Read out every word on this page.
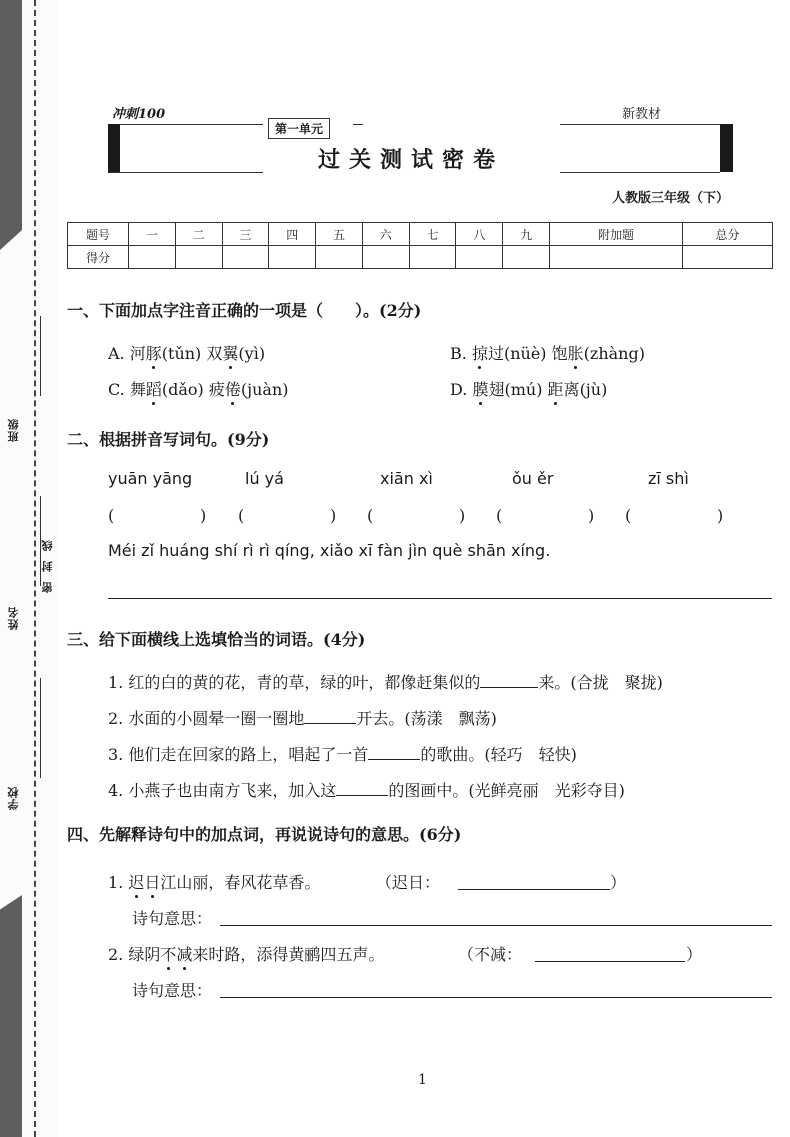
班级
姓名
密封线
学校
冲刺100	新教材
第一单元
过关测试密卷
人教版三年级（下）
题号	一	二	三	四	五	六	七	八	九	附加题	总分
得分											
一、下面加点字注音正确的一项是（　　）。(2分)
A. 河豚(tǔn) 双翼(yì)	B. 掠过(nüè) 饱胀(zhàng)
C. 舞蹈(dǎo) 疲倦(juàn)	D. 膜翅(mú) 距离(jù)
二、根据拼音写词句。(9分)
yuān yāng	lú yá	xiān xì	ǒu ěr	zī shì
(	) (	) (	) (	) (	)
Méi zǐ huáng shí rì rì qíng, xiǎo xī fàn jìn què shān xíng.
三、给下面横线上选填恰当的词语。(4分)
1. 红的白的黄的花，青的草，绿的叶，都像赶集似的	来。(合拢　聚拢)
2. 水面的小圆晕一圈一圈地	开去。(荡漾　飘荡)
3. 他们走在回家的路上，唱起了一首	的歌曲。(轻巧　轻快)
4. 小燕子也由南方飞来，加入这	的图画中。(光鲜亮丽　光彩夺目)
四、先解释诗句中的加点词，再说说诗句的意思。(6分)
1. 迟日江山丽，春风花草香。	（迟日：	）
诗句意思：
2. 绿阴不减来时路，添得黄鹂四五声。	（不减：	）
诗句意思：
1
